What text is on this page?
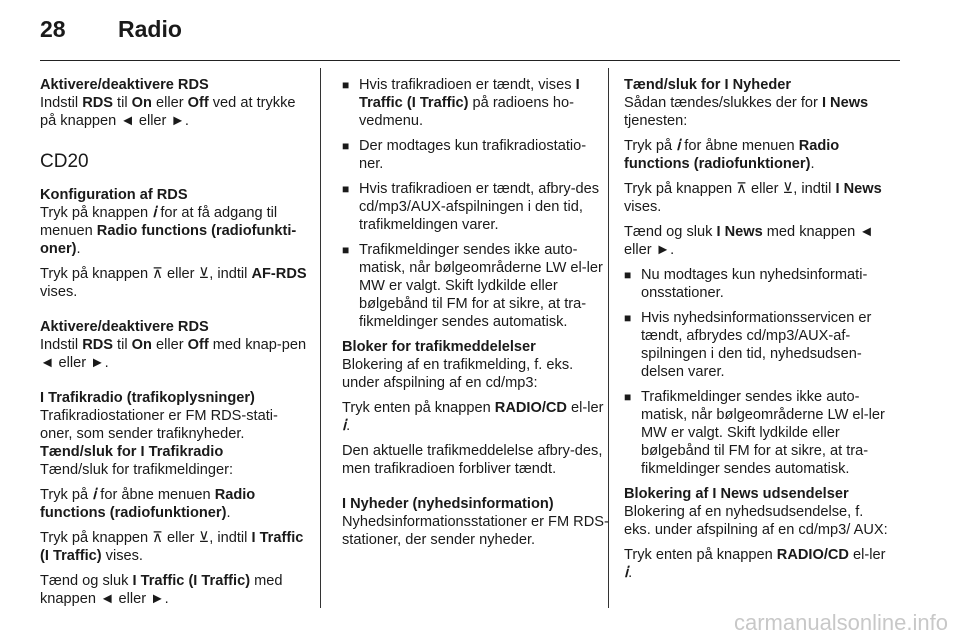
28 Radio
Aktivere/deaktivere RDS
Indstil RDS til On eller Off ved at trykke på knappen ◄ eller ►.
CD20
Konfiguration af RDS
Tryk på knappen ⅰ for at få adgang til menuen Radio functions (radiofunkti-oner).
Tryk på knappen ⊼ eller ⊻, indtil AF-RDS vises.
Aktivere/deaktivere RDS
Indstil RDS til On eller Off med knap-pen ◄ eller ►.
I Trafikradio (trafikoplysninger)
Trafikradiostationer er FM RDS-stati-oner, som sender trafiknyheder.
Tænd/sluk for I Trafikradio
Tænd/sluk for trafikmeldinger:
Tryk på ⅰ for åbne menuen Radio functions (radiofunktioner).
Tryk på knappen ⊼ eller ⊻, indtil I Traffic (I Traffic) vises.
Tænd og sluk I Traffic (I Traffic) med knappen ◄ eller ►.
■ Hvis trafikradioen er tændt, vises I Traffic (I Traffic) på radioens ho-vedmenu.
■ Der modtages kun trafikradiostatio-ner.
■ Hvis trafikradioen er tændt, afbry-des cd/mp3/AUX-afspilningen i den tid, trafikmeldingen varer.
■ Trafikmeldinger sendes ikke auto-matisk, når bølgeområderne LW el-ler MW er valgt. Skift lydkilde eller bølgebånd til FM for at sikre, at tra-fikmeldinger sendes automatisk.
Bloker for trafikmeddelelser
Blokering af en trafikmelding, f. eks. under afspilning af en cd/mp3:
Tryk enten på knappen RADIO/CD el-ler ⅰ.
Den aktuelle trafikmeddelelse afbry-des, men trafikradioen forbliver tændt.
I Nyheder (nyhedsinformation)
Nyhedsinformationsstationer er FM RDS-stationer, der sender nyheder.
Tænd/sluk for I Nyheder
Sådan tændes/slukkes der for I News tjenesten:
Tryk på ⅰ for åbne menuen Radio functions (radiofunktioner).
Tryk på knappen ⊼ eller ⊻, indtil I News vises.
Tænd og sluk I News med knappen ◄ eller ►.
■ Nu modtages kun nyhedsinformati-onsstationer.
■ Hvis nyhedsinformationsservicen er tændt, afbrydes cd/mp3/AUX-af-spilningen i den tid, nyhedsudsen-delsen varer.
■ Trafikmeldinger sendes ikke auto-matisk, når bølgeområderne LW el-ler MW er valgt. Skift lydkilde eller bølgebånd til FM for at sikre, at tra-fikmeldinger sendes automatisk.
Blokering af I News udsendelser
Blokering af en nyhedsudsendelse, f. eks. under afspilning af en cd/mp3/ AUX:
Tryk enten på knappen RADIO/CD el-ler ⅰ.
carmanualsonline.info
